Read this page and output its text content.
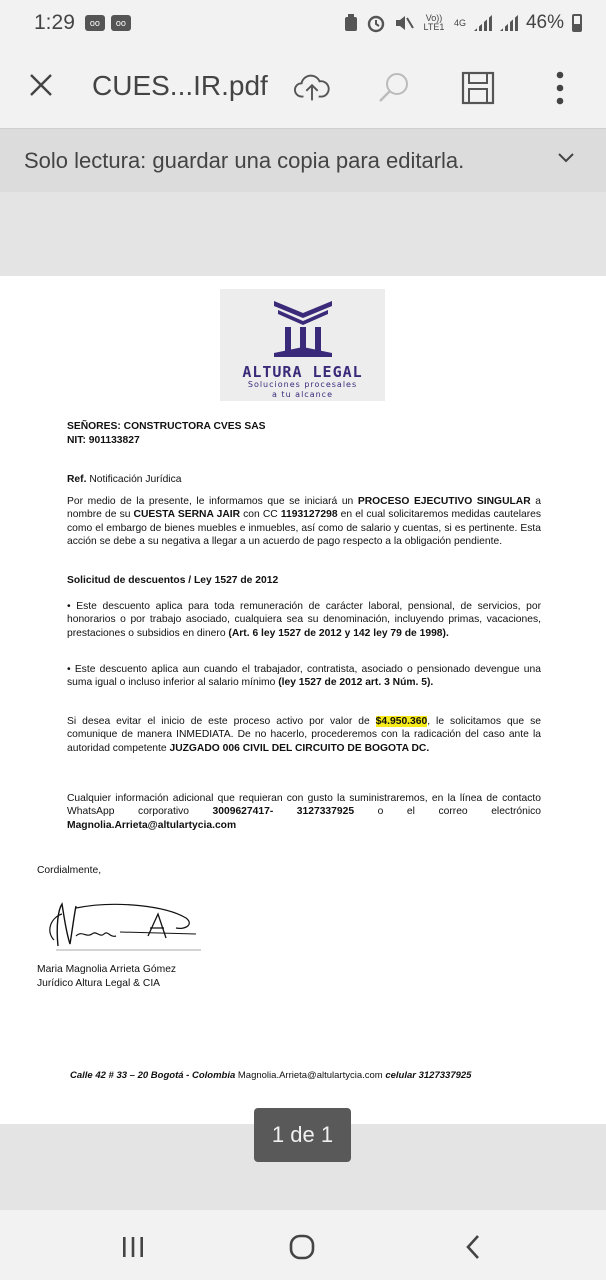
1:29	oo	oo	Vo)) LTE1 4G	46%
CUES...IR.pdf
Solo lectura: guardar una copia para editarla.
ALTURA LEGAL
Soluciones procesales
a tu alcance
SEÑORES: CONSTRUCTORA CVES SAS
NIT: 901133827
Ref. Notificación Jurídica
Por medio de la presente, le informamos que se iniciará un PROCESO EJECUTIVO SINGULAR a nombre de su CUESTA SERNA JAIR con CC 1193127298 en el cual solicitaremos medidas cautelares como el embargo de bienes muebles e inmuebles, así como de salario y cuentas, si es pertinente. Esta acción se debe a su negativa a llegar a un acuerdo de pago respecto a la obligación pendiente.
Solicitud de descuentos / Ley 1527 de 2012
• Este descuento aplica para toda remuneración de carácter laboral, pensional, de servicios, por honorarios o por trabajo asociado, cualquiera sea su denominación, incluyendo primas, vacaciones, prestaciones o subsidios en dinero (Art. 6 ley 1527 de 2012 y 142 ley 79 de 1998).
• Este descuento aplica aun cuando el trabajador, contratista, asociado o pensionado devengue una suma igual o incluso inferior al salario mínimo (ley 1527 de 2012 art. 3 Núm. 5).
Si desea evitar el inicio de este proceso activo por valor de $4.950.360, le solicitamos que se comunique de manera INMEDIATA. De no hacerlo, procederemos con la radicación del caso ante la autoridad competente JUZGADO 006 CIVIL DEL CIRCUITO DE BOGOTA DC.
Cualquier información adicional que requieran con gusto la suministraremos, en la línea de contacto WhatsApp corporativo 3009627417- 3127337925 o el correo electrónico Magnolia.Arrieta@altulartycia.com
Cordialmente,
Maria Magnolia Arrieta Gómez
Jurídico Altura Legal & CIA
Calle 42 # 33 – 20 Bogotá - Colombia Magnolia.Arrieta@altulartycia.com celular 3127337925
1 de 1
